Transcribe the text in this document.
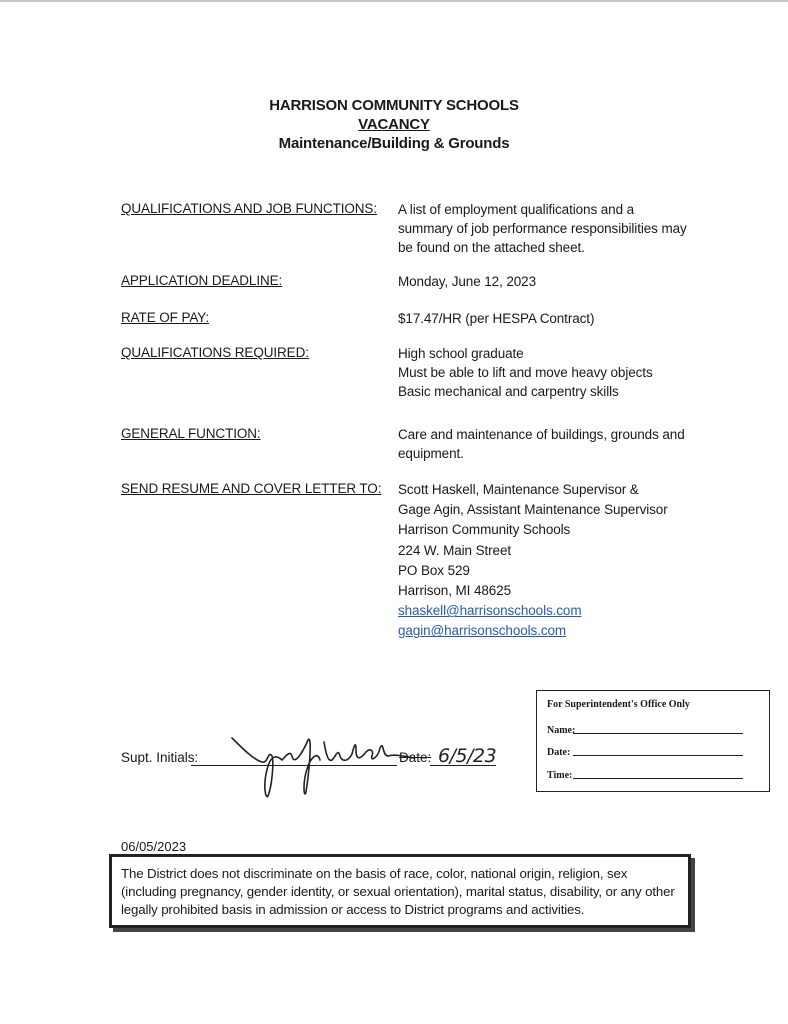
HARRISON COMMUNITY SCHOOLS
VACANCY
Maintenance/Building & Grounds
QUALIFICATIONS AND JOB FUNCTIONS: A list of employment qualifications and a
summary of job performance responsibilities may
be found on the attached sheet.
APPLICATION DEADLINE:	Monday, June 12, 2023
RATE OF PAY:	$17.47/HR (per HESPA Contract)
QUALIFICATIONS REQUIRED:	High school graduate
Must be able to lift and move heavy objects
Basic mechanical and carpentry skills
GENERAL FUNCTION:	Care and maintenance of buildings, grounds and
equipment.
SEND RESUME AND COVER LETTER TO: Scott Haskell, Maintenance Supervisor &
Gage Agin, Assistant Maintenance Supervisor
Harrison Community Schools
224 W. Main Street
PO Box 529
Harrison, MI 48625
shaskell@harrisonschools.com
gagin@harrisonschools.com
For Superintendent's Office Only
Name:
Date:
Time:
Supt. Initials:	Date: 6/5/23
06/05/2023
The District does not discriminate on the basis of race, color, national origin, religion, sex (including pregnancy, gender identity, or sexual orientation), marital status, disability, or any other legally prohibited basis in admission or access to District programs and activities.
